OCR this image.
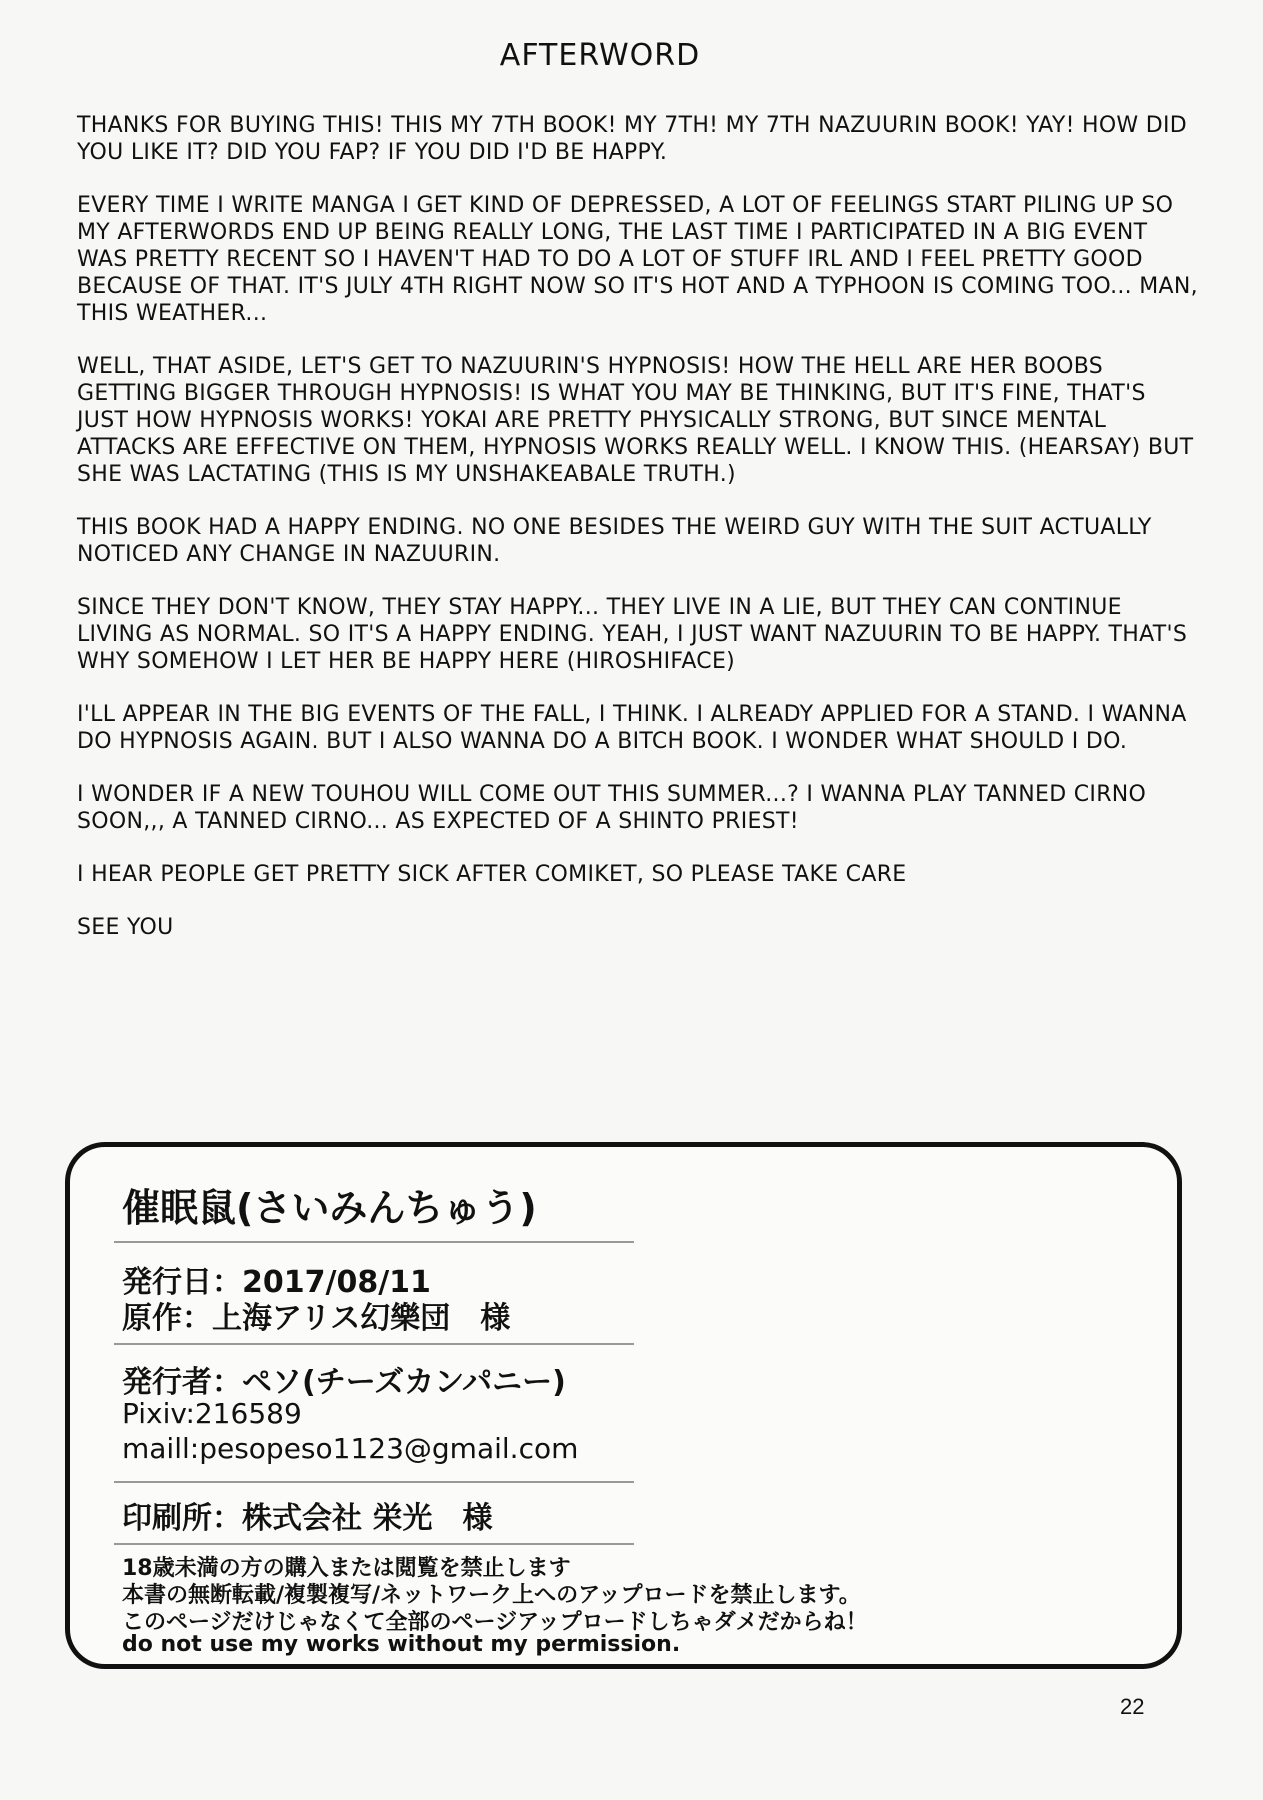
AFTERWORD

THANKS FOR BUYING THIS! THIS MY 7TH BOOK! MY 7TH! MY 7TH NAZUURIN BOOK! YAY! HOW DID YOU LIKE IT? DID YOU FAP? IF YOU DID I'D BE HAPPY.

EVERY TIME I WRITE MANGA I GET KIND OF DEPRESSED, A LOT OF FEELINGS START PILING UP SO MY AFTERWORDS END UP BEING REALLY LONG, THE LAST TIME I PARTICIPATED IN A BIG EVENT WAS PRETTY RECENT SO I HAVEN'T HAD TO DO A LOT OF STUFF IRL AND I FEEL PRETTY GOOD BECAUSE OF THAT. IT'S JULY 4TH RIGHT NOW SO IT'S HOT AND A TYPHOON IS COMING TOO... MAN, THIS WEATHER...

WELL, THAT ASIDE, LET'S GET TO NAZUURIN'S HYPNOSIS! HOW THE HELL ARE HER BOOBS GETTING BIGGER THROUGH HYPNOSIS! IS WHAT YOU MAY BE THINKING, BUT IT'S FINE, THAT'S JUST HOW HYPNOSIS WORKS! YOKAI ARE PRETTY PHYSICALLY STRONG, BUT SINCE MENTAL ATTACKS ARE EFFECTIVE ON THEM, HYPNOSIS WORKS REALLY WELL. I KNOW THIS. (HEARSAY) BUT SHE WAS LACTATING (THIS IS MY UNSHAKEABALE TRUTH.)

THIS BOOK HAD A HAPPY ENDING. NO ONE BESIDES THE WEIRD GUY WITH THE SUIT ACTUALLY NOTICED ANY CHANGE IN NAZUURIN.

SINCE THEY DON'T KNOW, THEY STAY HAPPY... THEY LIVE IN A LIE, BUT THEY CAN CONTINUE LIVING AS NORMAL. SO IT'S A HAPPY ENDING. YEAH, I JUST WANT NAZUURIN TO BE HAPPY. THAT'S WHY SOMEHOW I LET HER BE HAPPY HERE (HIROSHIFACE)

I'LL APPEAR IN THE BIG EVENTS OF THE FALL, I THINK. I ALREADY APPLIED FOR A STAND. I WANNA DO HYPNOSIS AGAIN. BUT I ALSO WANNA DO A BITCH BOOK. I WONDER WHAT SHOULD I DO.

I WONDER IF A NEW TOUHOU WILL COME OUT THIS SUMMER...? I WANNA PLAY TANNED CIRNO SOON,,, A TANNED CIRNO... AS EXPECTED OF A SHINTO PRIEST!

I HEAR PEOPLE GET PRETTY SICK AFTER COMIKET, SO PLEASE TAKE CARE

SEE YOU

催眠鼠(さいみんちゅう)
発行日：2017/08/11
原作：上海アリス幻樂団　様
発行者：ペソ(チーズカンパニー)
Pixiv:216589
maill:pesopeso1123@gmail.com
印刷所：株式会社 栄光　様
18歳未満の方の購入または閲覧を禁止します
本書の無断転載/複製複写/ネットワーク上へのアップロードを禁止します。
このページだけじゃなくて全部のページアップロードしちゃダメだからね！
do not use my works without my permission.
22
